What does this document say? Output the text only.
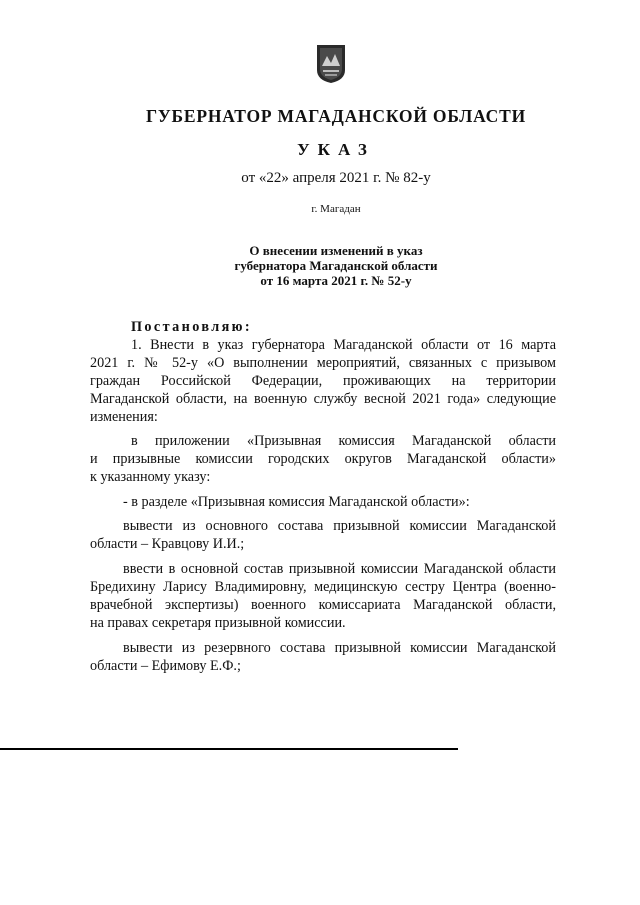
ГУБЕРНАТОР МАГАДАНСКОЙ ОБЛАСТИ
УКАЗ
от «22» апреля 2021 г. № 82-у
г. Магадан
О внесении изменений в указ
губернатора Магаданской области
от 16 марта 2021 г. № 52-у

Постановляю:

1. Внести в указ губернатора Магаданской области от 16 марта

2021 г. № 52-у «О выполнении мероприятий, связанных с призывом

граждан Российской Федерации, проживающих на территории

Магаданской области, на военную службу весной 2021 года» следующие

изменения:

в приложении «Призывная комиссия Магаданской области

и призывные комиссии городских округов Магаданской области»

к указанному указу:

- в разделе «Призывная комиссия Магаданской области»:

вывести из основного состава призывной комиссии Магаданской

области – Кравцову И.И.;

ввести в основной состав призывной комиссии Магаданской области

Бредихину Ларису Владимировну, медицинскую сестру Центра (военно-

врачебной экспертизы) военного комиссариата Магаданской области,

на правах секретаря призывной комиссии.

вывести из резервного состава призывной комиссии Магаданской

области – Ефимову Е.Ф.;
